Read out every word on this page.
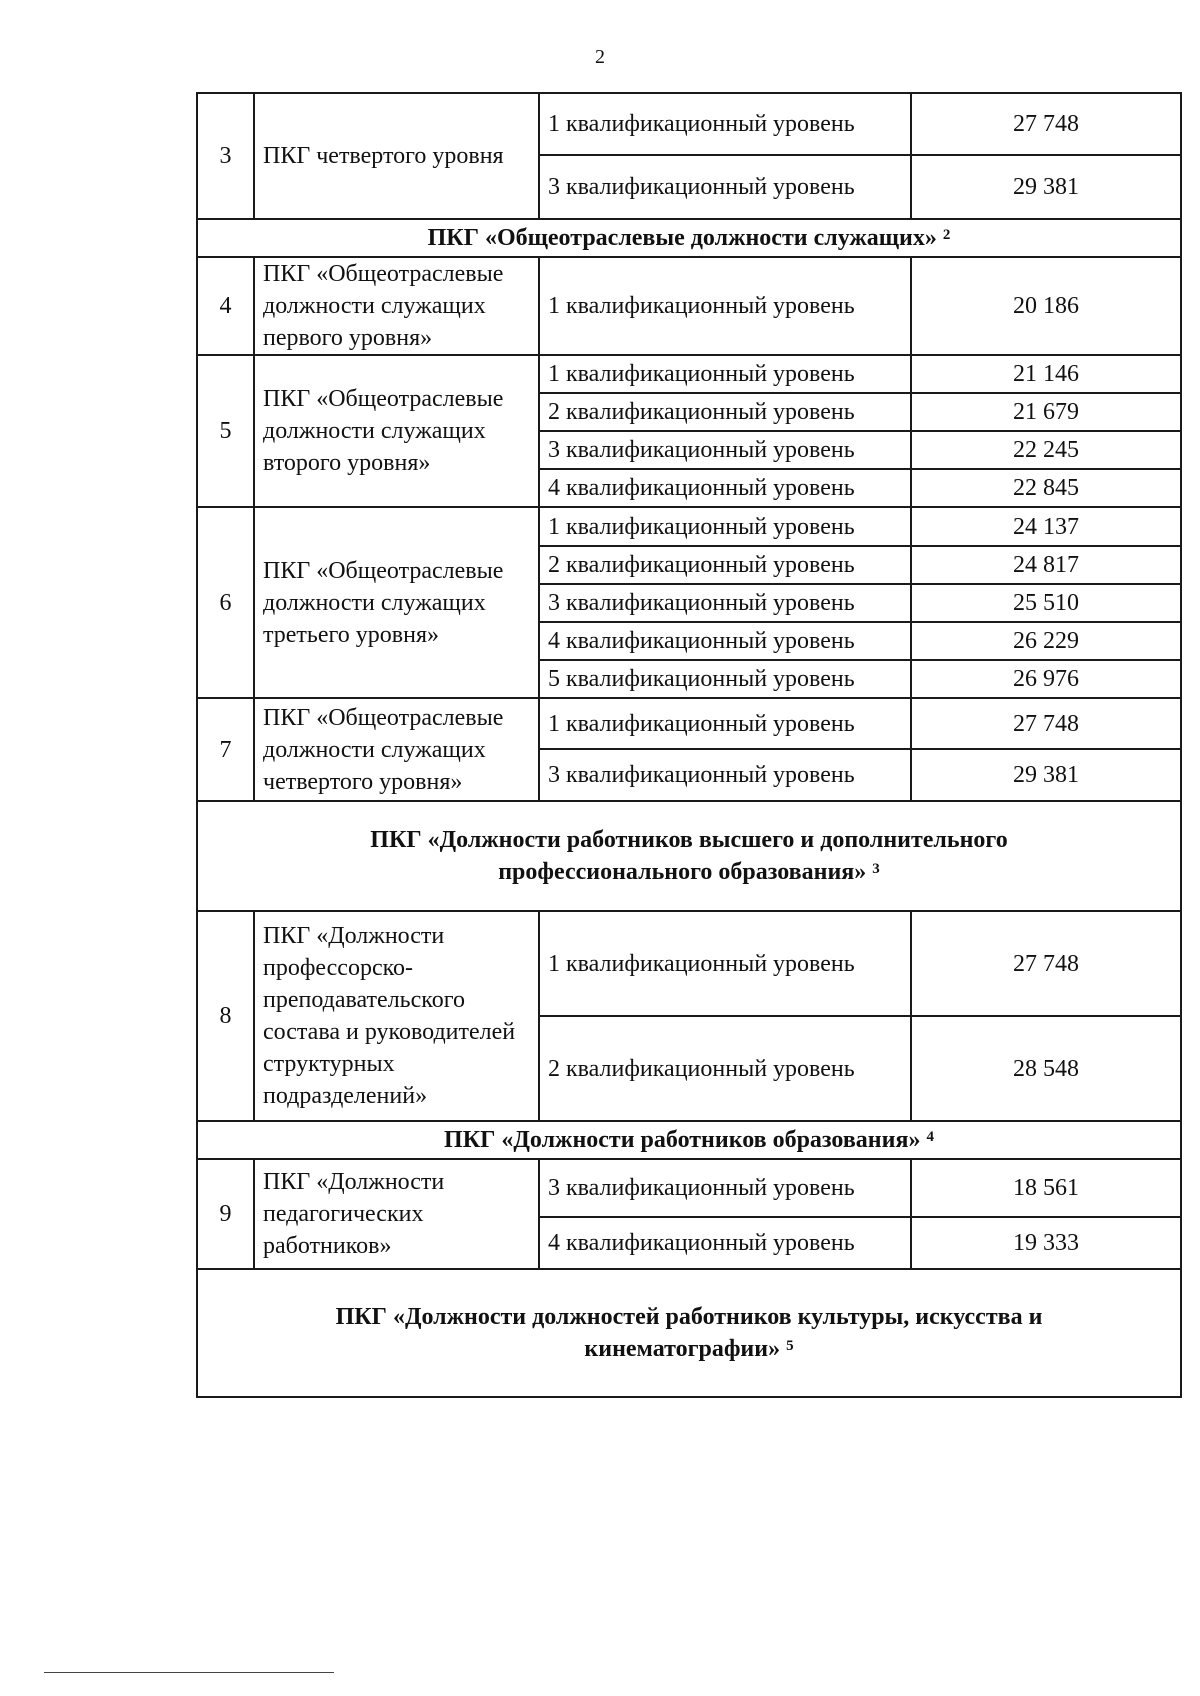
2
3	ПКГ четвертого уровня	1 квалификационный уровень	27 748
		3 квалификационный уровень	29 381
ПКГ «Общеотраслевые должности служащих» $^2$
4	ПКГ «Общеотраслевые должности служащих первого уровня»	1 квалификационный уровень	20 186
5	ПКГ «Общеотраслевые должности служащих второго уровня»	1 квалификационный уровень	21 146
		2 квалификационный уровень	21 679
		3 квалификационный уровень	22 245
		4 квалификационный уровень	22 845
6	ПКГ «Общеотраслевые должности служащих третьего уровня»	1 квалификационный уровень	24 137
		2 квалификационный уровень	24 817
		3 квалификационный уровень	25 510
		4 квалификационный уровень	26 229
		5 квалификационный уровень	26 976
7	ПКГ «Общеотраслевые должности служащих четвертого уровня»	1 квалификационный уровень	27 748
		3 квалификационный уровень	29 381
ПКГ «Должности работников высшего и дополнительного профессионального образования» $^3$
8	ПКГ «Должности профессорско-преподавательского состава и руководителей структурных подразделений»	1 квалификационный уровень	27 748
		2 квалификационный уровень	28 548
ПКГ «Должности работников образования» $^4$
9	ПКГ «Должности педагогических работников»	3 квалификационный уровень	18 561
		4 квалификационный уровень	19 333
ПКГ «Должности должностей работников культуры, искусства и кинематографии» $^5$
